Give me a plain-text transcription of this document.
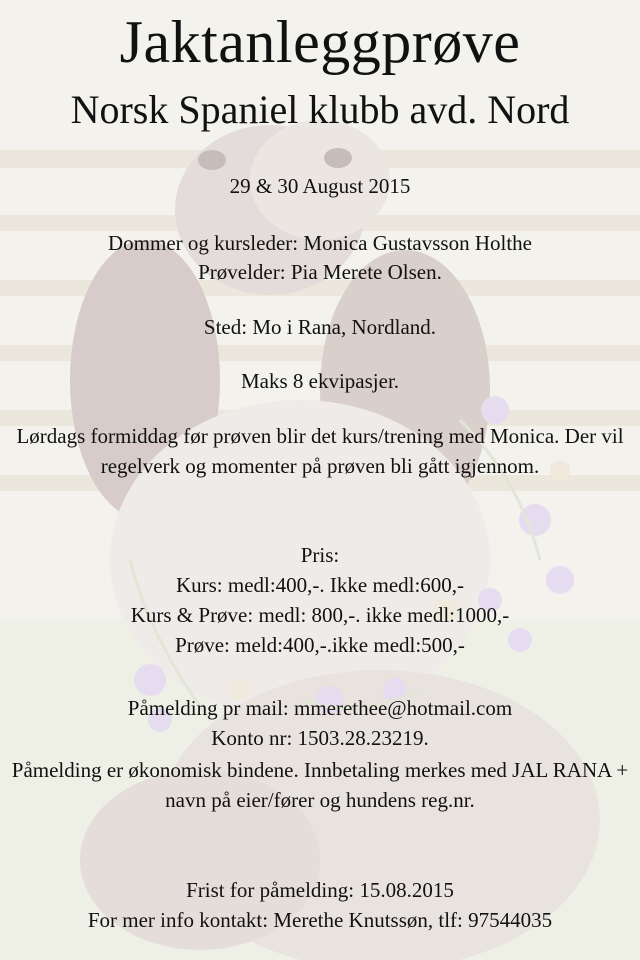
Jaktanleggprøve
Norsk Spaniel klubb avd. Nord
29 & 30 August 2015
Dommer og kursleder: Monica Gustavsson Holthe
Prøvelder: Pia Merete Olsen.
Sted: Mo i Rana, Nordland.
Maks 8 ekvipasjer.
Lørdags formiddag før prøven blir det kurs/trening med Monica. Der vil regelverk og momenter på prøven bli gått igjennom.
Pris:
Kurs: medl:400,-. Ikke medl:600,-
Kurs & Prøve: medl: 800,-. ikke medl:1000,-
Prøve: meld:400,-.ikke medl:500,-
Påmelding pr mail: mmerethee@hotmail.com
Konto nr: 1503.28.23219.
Påmelding er økonomisk bindene. Innbetaling merkes med JAL RANA + navn på eier/fører og hundens reg.nr.
Frist for påmelding: 15.08.2015
For mer info kontakt: Merethe Knutssøn, tlf: 97544035
